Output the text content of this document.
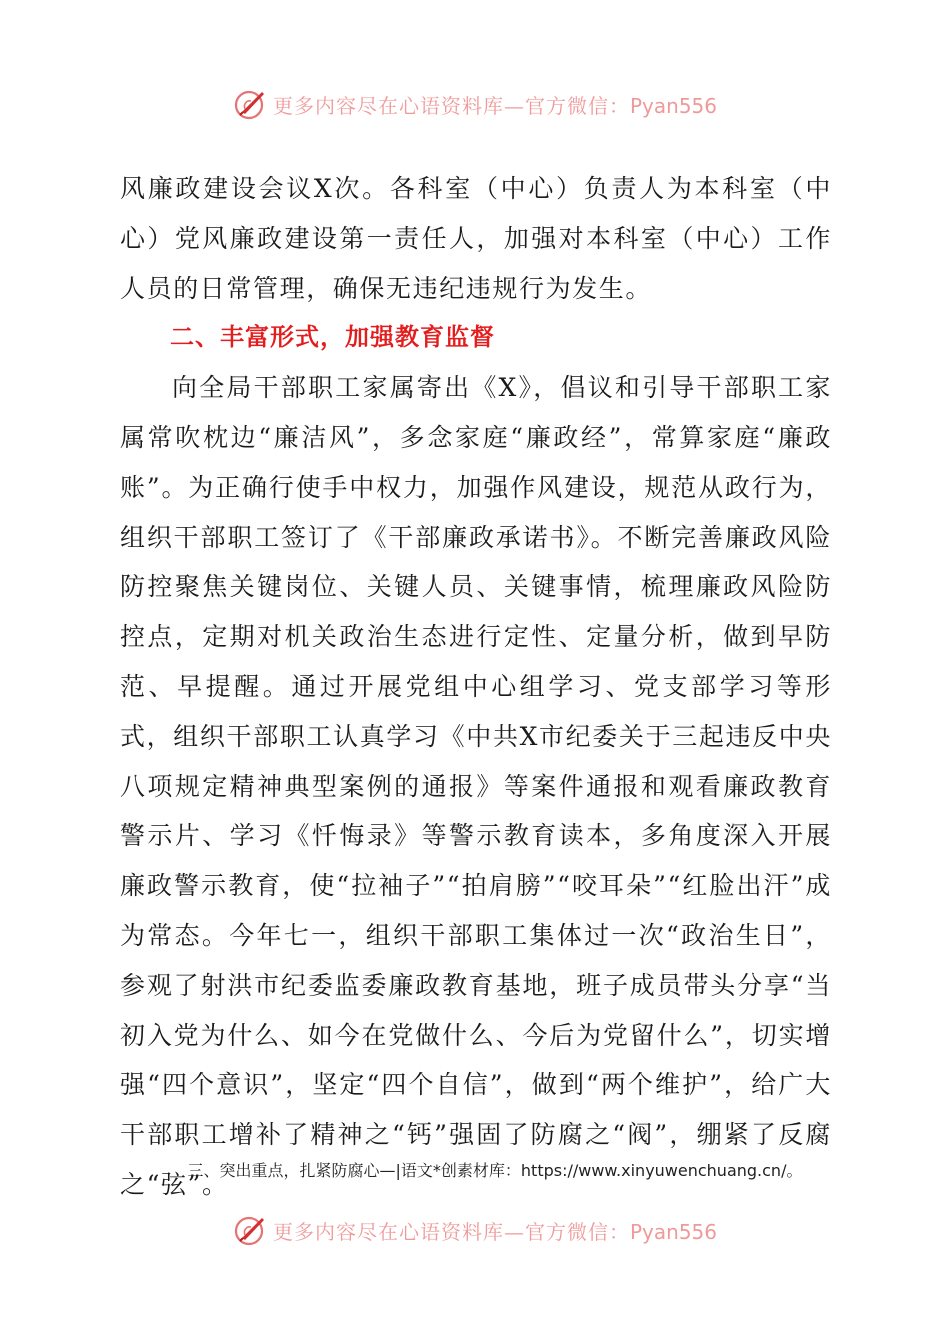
更多内容尽在心语资料库—官方微信：Pyan556

风廉政建设会议X次。各科室（中心）负责人为本科室（中心）党风廉政建设第一责任人，加强对本科室（中心）工作人员的日常管理，确保无违纪违规行为发生。

二、丰富形式，加强教育监督

向全局干部职工家属寄出《X》，倡议和引导干部职工家属常吹枕边“廉洁风”，多念家庭“廉政经”，常算家庭“廉政账”。为正确行使手中权力，加强作风建设，规范从政行为，组织干部职工签订了《干部廉政承诺书》。不断完善廉政风险防控聚焦关键岗位、关键人员、关键事情，梳理廉政风险防控点，定期对机关政治生态进行定性、定量分析，做到早防范、早提醒。通过开展党组中心组学习、党支部学习等形式，组织干部职工认真学习《中共X市纪委关于三起违反中央八项规定精神典型案例的通报》等案件通报和观看廉政教育警示片、学习《忏悔录》等警示教育读本，多角度深入开展廉政警示教育，使“拉袖子”“拍肩膀”“咬耳朵”“红脸出汗”成为常态。今年七一，组织干部职工集体过一次“政治生日”，参观了射洪市纪委监委廉政教育基地，班子成员带头分享“当初入党为什么、如今在党做什么、今后为党留什么”，切实增强“四个意识”，坚定“四个自信”，做到“两个维护”，给广大干部职工增补了精神之“钙”强固了防腐之“阀”，绷紧了反腐之“弦”。

三、突出重点，扎紧防腐心—|语文*创素材库：https://www.xinyuwenchuang.cn/。
更多内容尽在心语资料库—官方微信：Pyan556
